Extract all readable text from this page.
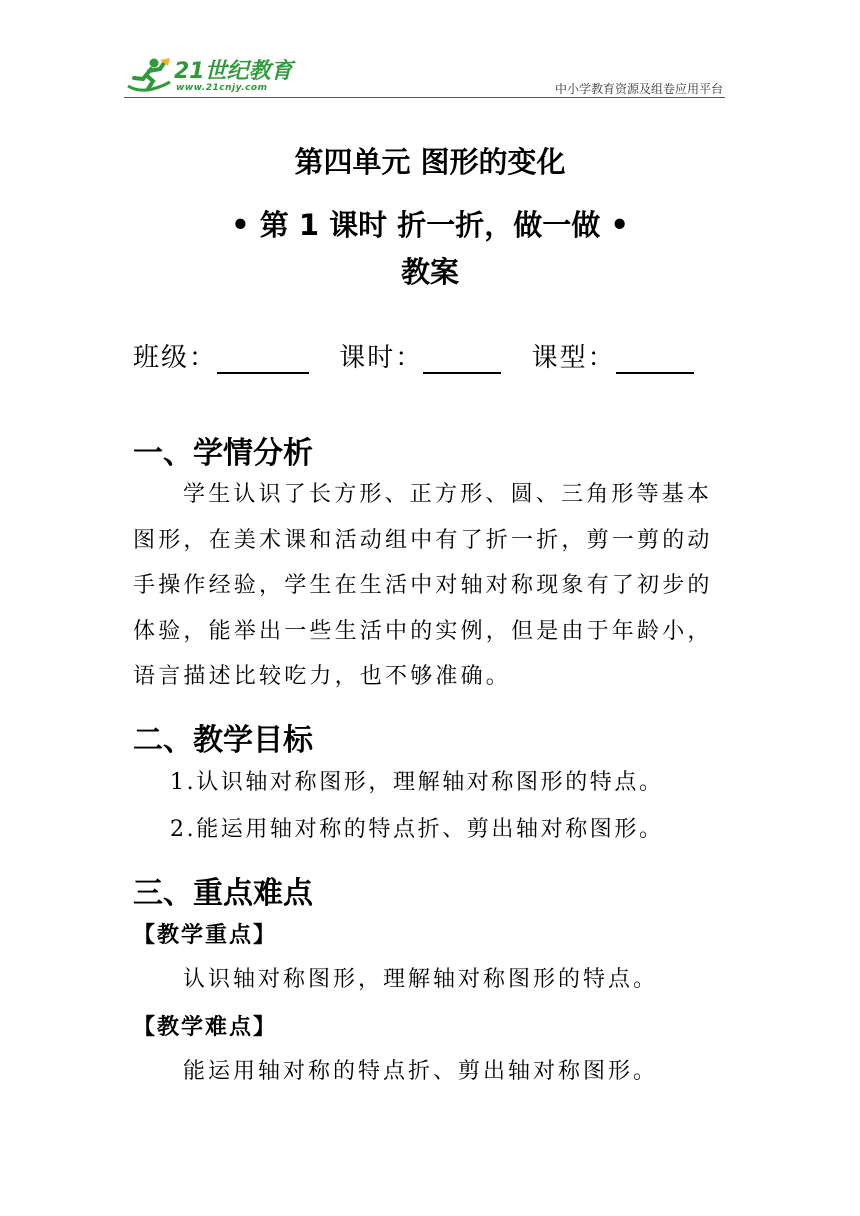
21世纪教育
www.21cnjy.com	中小学教育资源及组卷应用平台
第四单元 图形的变化
• 第 1 课时 折一折，做一做 •
教案
班级：	课时：	课型：
一、学情分析
学生认识了长方形、正方形、圆、三角形等基本图形，在美术课和活动组中有了折一折，剪一剪的动手操作经验，学生在生活中对轴对称现象有了初步的体验，能举出一些生活中的实例，但是由于年龄小，语言描述比较吃力，也不够准确。
二、教学目标
1.认识轴对称图形，理解轴对称图形的特点。
2.能运用轴对称的特点折、剪出轴对称图形。
三、重点难点
【教学重点】
认识轴对称图形，理解轴对称图形的特点。
【教学难点】
能运用轴对称的特点折、剪出轴对称图形。
